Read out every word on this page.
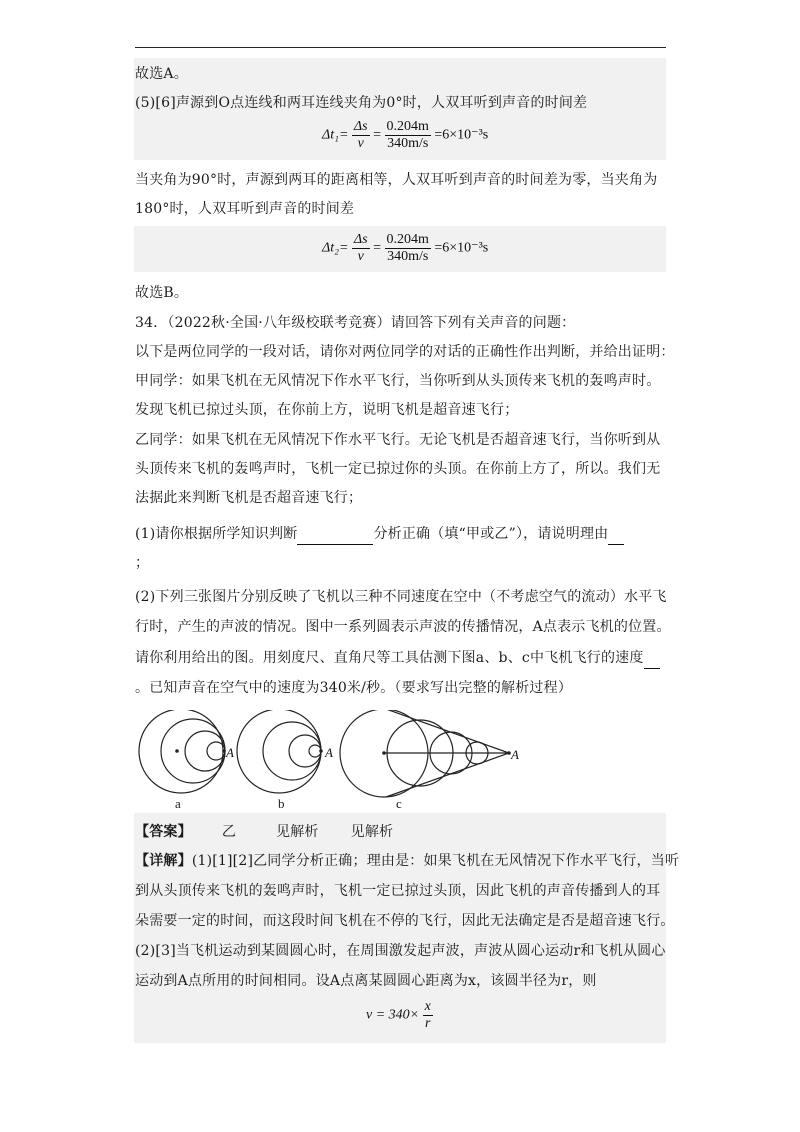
故选A。
(5)[6]声源到O点连线和两耳连线夹角为0°时，人双耳听到声音的时间差
$\Delta t_1= \frac{\Delta s}{v} = \frac{0.204m}{340m/s} =6\times 10^{-3}s$
当夹角为90°时，声源到两耳的距离相等，人双耳听到声音的时间差为零，当夹角为
180°时，人双耳听到声音的时间差
$\Delta t_2= \frac{\Delta s}{v} = \frac{0.204m}{340m/s} =6\times 10^{-3}s$
故选B。
34．（2022秋·全国·八年级校联考竞赛）请回答下列有关声音的问题：
以下是两位同学的一段对话，请你对两位同学的对话的正确性作出判断，并给出证明：
甲同学：如果飞机在无风情况下作水平飞行，当你听到从头顶传来飞机的轰鸣声时。
发现飞机已掠过头顶，在你前上方，说明飞机是超音速飞行；
乙同学：如果飞机在无风情况下作水平飞行。无论飞机是否超音速飞行，当你听到从
头顶传来飞机的轰鸣声时，飞机一定已掠过你的头顶。在你前上方了，所以。我们无
法据此来判断飞机是否超音速飞行；
(1)请你根据所学知识判断	分析正确（填“甲或乙”），请说明理由
；
(2)下列三张图片分别反映了飞机以三种不同速度在空中（不考虑空气的流动）水平飞
行时，产生的声波的情况。图中一系列圆表示声波的传播情况，A点表示飞机的位置。
请你利用给出的图。用刻度尺、直角尺等工具估测下图a、b、c中飞机飞行的速度
。已知声音在空气中的速度为340米/秒。（要求写出完整的解析过程）
A	A	A
a	b	c
【答案】 乙	见解析 见解析
【详解】(1)[1][2]乙同学分析正确；理由是：如果飞机在无风情况下作水平飞行，当听
到从头顶传来飞机的轰鸣声时，飞机一定已掠过头顶，因此飞机的声音传播到人的耳
朵需要一定的时间，而这段时间飞机在不停的飞行，因此无法确定是否是超音速飞行。
(2)[3]当飞机运动到某圆圆心时，在周围激发起声波，声波从圆心运动r和飞机从圆心
运动到A点所用的时间相同。设A点离某圆圆心距离为x，该圆半径为r，则
$v = 340\times \frac{x}{r}$
